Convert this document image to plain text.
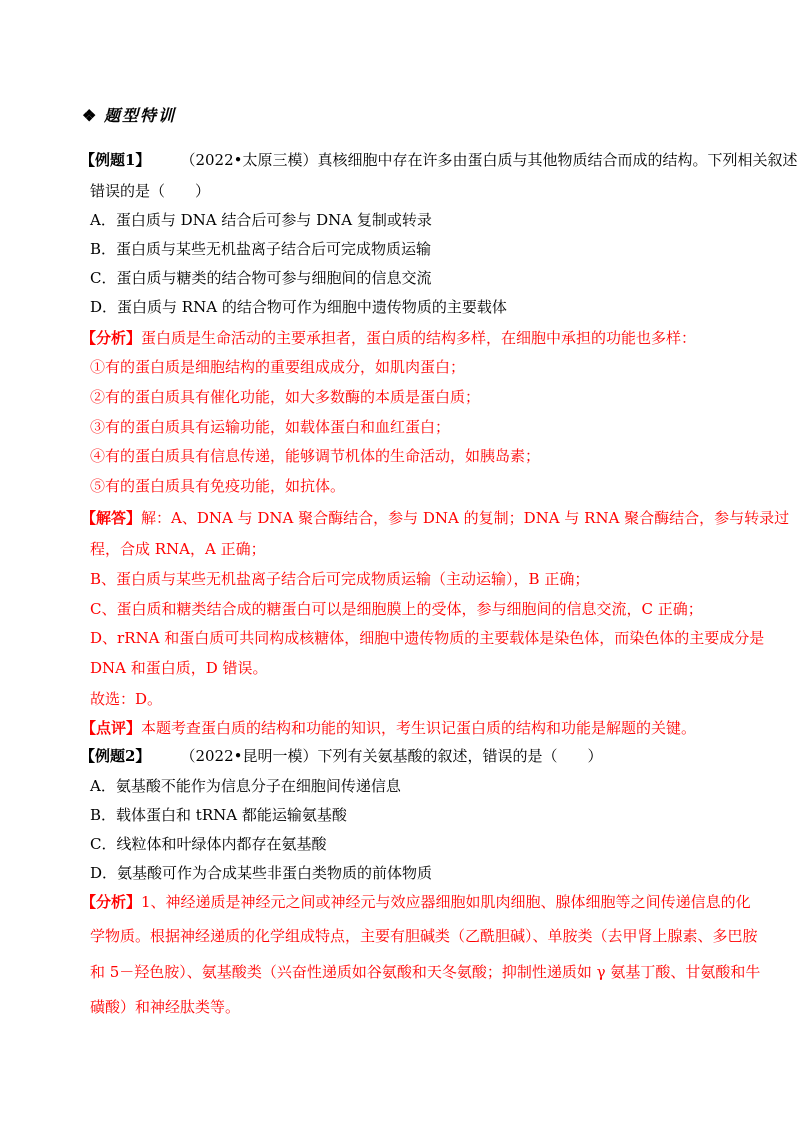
❖ 题型特训
【例题1】 （2022•太原三模）真核细胞中存在许多由蛋白质与其他物质结合而成的结构。下列相关叙述
错误的是（　　）
A．蛋白质与 DNA 结合后可参与 DNA 复制或转录
B．蛋白质与某些无机盐离子结合后可完成物质运输
C．蛋白质与糖类的结合物可参与细胞间的信息交流
D．蛋白质与 RNA 的结合物可作为细胞中遗传物质的主要载体
【分析】蛋白质是生命活动的主要承担者，蛋白质的结构多样，在细胞中承担的功能也多样：
①有的蛋白质是细胞结构的重要组成成分，如肌肉蛋白；
②有的蛋白质具有催化功能，如大多数酶的本质是蛋白质；
③有的蛋白质具有运输功能，如载体蛋白和血红蛋白；
④有的蛋白质具有信息传递，能够调节机体的生命活动，如胰岛素；
⑤有的蛋白质具有免疫功能，如抗体。
【解答】解：A、DNA 与 DNA 聚合酶结合，参与 DNA 的复制；DNA 与 RNA 聚合酶结合，参与转录过
程，合成 RNA，A 正确；
B、蛋白质与某些无机盐离子结合后可完成物质运输（主动运输），B 正确；
C、蛋白质和糖类结合成的糖蛋白可以是细胞膜上的受体，参与细胞间的信息交流，C 正确；
D、rRNA 和蛋白质可共同构成核糖体，细胞中遗传物质的主要载体是染色体，而染色体的主要成分是
DNA 和蛋白质，D 错误。
故选：D。
【点评】本题考查蛋白质的结构和功能的知识，考生识记蛋白质的结构和功能是解题的关键。
【例题2】 （2022•昆明一模）下列有关氨基酸的叙述，错误的是（　　）
A．氨基酸不能作为信息分子在细胞间传递信息
B．载体蛋白和 tRNA 都能运输氨基酸
C．线粒体和叶绿体内都存在氨基酸
D．氨基酸可作为合成某些非蛋白类物质的前体物质
【分析】1、神经递质是神经元之间或神经元与效应器细胞如肌肉细胞、腺体细胞等之间传递信息的化
学物质。根据神经递质的化学组成特点，主要有胆碱类（乙酰胆碱）、单胺类（去甲肾上腺素、多巴胺
和 5－羟色胺）、氨基酸类（兴奋性递质如谷氨酸和天冬氨酸；抑制性递质如 γ 氨基丁酸、甘氨酸和牛
磺酸）和神经肽类等。
